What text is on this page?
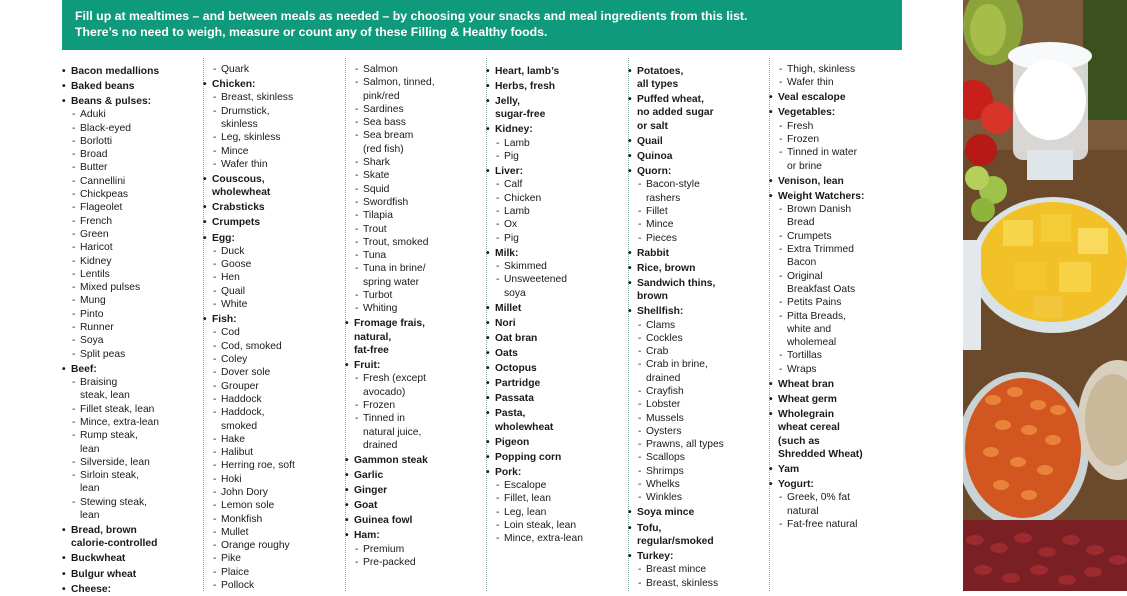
Fill up at mealtimes – and between meals as needed – by choosing your snacks and meal ingredients from this list.
There’s no need to weigh, measure or count any of these Filling & Healthy foods.
• Bacon medallions
• Baked beans
• Beans & pulses:
- Aduki
- Black-eyed
- Borlotti
- Broad
- Butter
- Cannellini
- Chickpeas
- Flageolet
- French
- Green
- Haricot
- Kidney
- Lentils
- Mixed pulses
- Mung
- Pinto
- Runner
- Soya
- Split peas
• Beef:
- Braising
steak, lean
- Fillet steak, lean
- Mince, extra-lean
- Rump steak,
lean
- Silverside, lean
- Sirloin steak,
lean
- Stewing steak,
lean
• Bread, brown
calorie-controlled
• Buckwheat
• Bulgur wheat
• Cheese:
- Quark
• Chicken:
- Breast, skinless
- Drumstick,
skinless
- Leg, skinless
- Mince
- Wafer thin
• Couscous,
wholewheat
• Crabsticks
• Crumpets
• Egg:
- Duck
- Goose
- Hen
- Quail
- White
• Fish:
- Cod
- Cod, smoked
- Coley
- Dover sole
- Grouper
- Haddock
- Haddock,
smoked
- Hake
- Halibut
- Herring roe, soft
- Hoki
- John Dory
- Lemon sole
- Monkfish
- Mullet
- Orange roughy
- Pike
- Plaice
- Pollock
- Salmon
- Salmon, tinned,
pink/red
- Sardines
- Sea bass
- Sea bream
(red fish)
- Shark
- Skate
- Squid
- Swordfish
- Tilapia
- Trout
- Trout, smoked
- Tuna
- Tuna in brine/
spring water
- Turbot
- Whiting
• Fromage frais,
natural,
fat-free
• Fruit:
- Fresh (except
avocado)
- Frozen
- Tinned in
natural juice,
drained
• Gammon steak
• Garlic
• Ginger
• Goat
• Guinea fowl
• Ham:
- Premium
- Pre-packed
• Heart, lamb’s
• Herbs, fresh
• Jelly,
sugar-free
• Kidney:
- Lamb
- Pig
• Liver:
- Calf
- Chicken
- Lamb
- Ox
- Pig
• Milk:
- Skimmed
- Unsweetened
soya
• Millet
• Nori
• Oat bran
• Oats
• Octopus
• Partridge
• Passata
• Pasta,
wholewheat
• Pigeon
• Popping corn
• Pork:
- Escalope
- Fillet, lean
- Leg, lean
- Loin steak, lean
- Mince, extra-lean
• Potatoes,
all types
• Puffed wheat,
no added sugar
or salt
• Quail
• Quinoa
• Quorn:
- Bacon-style
rashers
- Fillet
- Mince
- Pieces
• Rabbit
• Rice, brown
• Sandwich thins,
brown
• Shellfish:
- Clams
- Cockles
- Crab
- Crab in brine,
drained
- Crayfish
- Lobster
- Mussels
- Oysters
- Prawns, all types
- Scallops
- Shrimps
- Whelks
- Winkles
• Soya mince
• Tofu,
regular/smoked
• Turkey:
- Breast mince
- Breast, skinless
- Thigh, skinless
- Wafer thin
• Veal escalope
• Vegetables:
- Fresh
- Frozen
- Tinned in water
or brine
• Venison, lean
• Weight Watchers:
- Brown Danish
Bread
- Crumpets
- Extra Trimmed
Bacon
- Original
Breakfast Oats
- Petits Pains
- Pitta Breads,
white and
wholemeal
- Tortillas
- Wraps
• Wheat bran
• Wheat germ
• Wholegrain
wheat cereal
(such as
Shredded Wheat)
• Yam
• Yogurt:
- Greek, 0% fat
natural
- Fat-free natural
